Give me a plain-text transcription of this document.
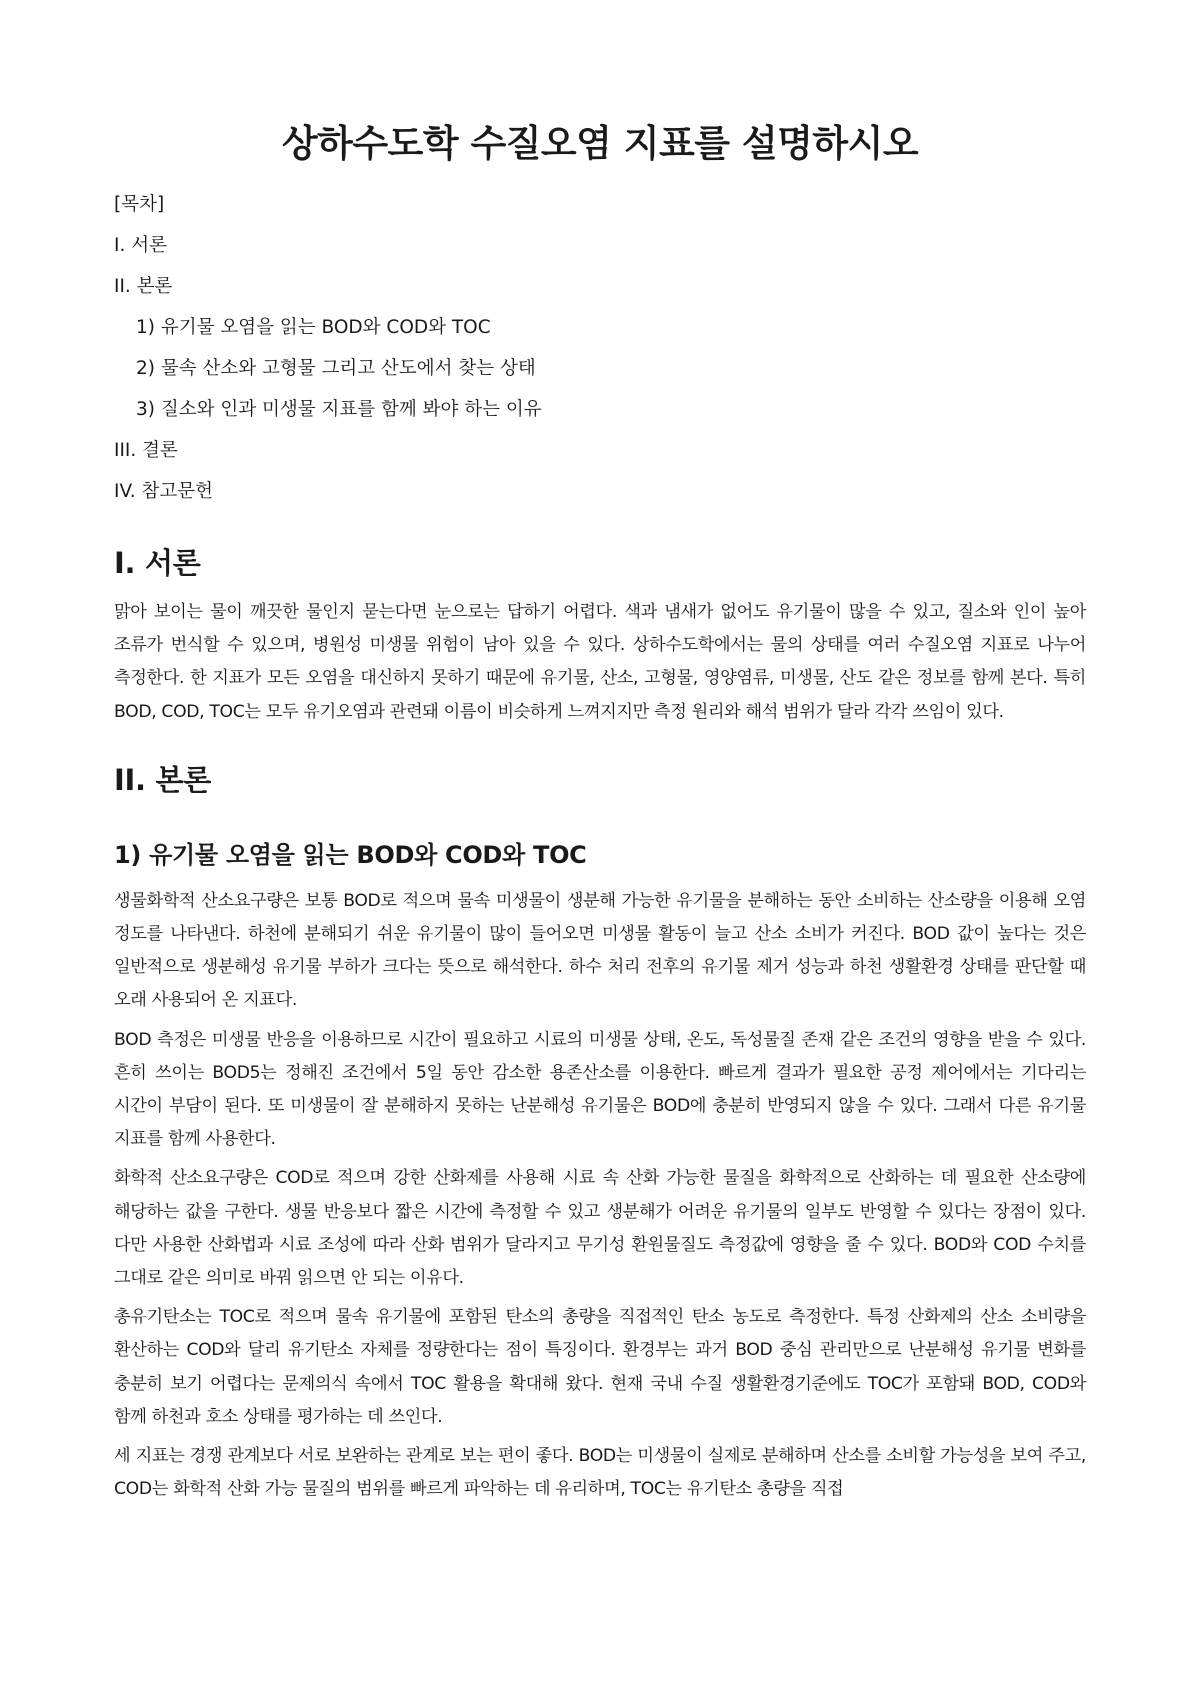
상하수도학 수질오염 지표를 설명하시오
[목차]
I. 서론
II. 본론
1) 유기물 오염을 읽는 BOD와 COD와 TOC
2) 물속 산소와 고형물 그리고 산도에서 찾는 상태
3) 질소와 인과 미생물 지표를 함께 봐야 하는 이유
III. 결론
IV. 참고문헌
I. 서론

맑아 보이는 물이 깨끗한 물인지 묻는다면 눈으로는 답하기 어렵다. 색과 냄새가 없어도 유기물이 많을 수 있고, 질소와 인이 높아 조류가 번식할 수 있으며, 병원성 미생물 위험이 남아 있을 수 있다. 상하수도학에서는 물의 상태를 여러 수질오염 지표로 나누어 측정한다. 한 지표가 모든 오염을 대신하지 못하기 때문에 유기물, 산소, 고형물, 영양염류, 미생물, 산도 같은 정보를 함께 본다. 특히 BOD, COD, TOC는 모두 유기오염과 관련돼 이름이 비슷하게 느껴지지만 측정 원리와 해석 범위가 달라 각각 쓰임이 있다.

II. 본론
1) 유기물 오염을 읽는 BOD와 COD와 TOC

생물화학적 산소요구량은 보통 BOD로 적으며 물속 미생물이 생분해 가능한 유기물을 분해하는 동안 소비하는 산소량을 이용해 오염 정도를 나타낸다. 하천에 분해되기 쉬운 유기물이 많이 들어오면 미생물 활동이 늘고 산소 소비가 커진다. BOD 값이 높다는 것은 일반적으로 생분해성 유기물 부하가 크다는 뜻으로 해석한다. 하수 처리 전후의 유기물 제거 성능과 하천 생활환경 상태를 판단할 때 오래 사용되어 온 지표다.

BOD 측정은 미생물 반응을 이용하므로 시간이 필요하고 시료의 미생물 상태, 온도, 독성물질 존재 같은 조건의 영향을 받을 수 있다. 흔히 쓰이는 BOD5는 정해진 조건에서 5일 동안 감소한 용존산소를 이용한다. 빠르게 결과가 필요한 공정 제어에서는 기다리는 시간이 부담이 된다. 또 미생물이 잘 분해하지 못하는 난분해성 유기물은 BOD에 충분히 반영되지 않을 수 있다. 그래서 다른 유기물 지표를 함께 사용한다.

화학적 산소요구량은 COD로 적으며 강한 산화제를 사용해 시료 속 산화 가능한 물질을 화학적으로 산화하는 데 필요한 산소량에 해당하는 값을 구한다. 생물 반응보다 짧은 시간에 측정할 수 있고 생분해가 어려운 유기물의 일부도 반영할 수 있다는 장점이 있다. 다만 사용한 산화법과 시료 조성에 따라 산화 범위가 달라지고 무기성 환원물질도 측정값에 영향을 줄 수 있다. BOD와 COD 수치를 그대로 같은 의미로 바꿔 읽으면 안 되는 이유다.

총유기탄소는 TOC로 적으며 물속 유기물에 포함된 탄소의 총량을 직접적인 탄소 농도로 측정한다. 특정 산화제의 산소 소비량을 환산하는 COD와 달리 유기탄소 자체를 정량한다는 점이 특징이다. 환경부는 과거 BOD 중심 관리만으로 난분해성 유기물 변화를 충분히 보기 어렵다는 문제의식 속에서 TOC 활용을 확대해 왔다. 현재 국내 수질 생활환경기준에도 TOC가 포함돼 BOD, COD와 함께 하천과 호소 상태를 평가하는 데 쓰인다.

세 지표는 경쟁 관계보다 서로 보완하는 관계로 보는 편이 좋다. BOD는 미생물이 실제로 분해하며 산소를 소비할 가능성을 보여 주고, COD는 화학적 산화 가능 물질의 범위를 빠르게 파악하는 데 유리하며, TOC는 유기탄소 총량을 직접
